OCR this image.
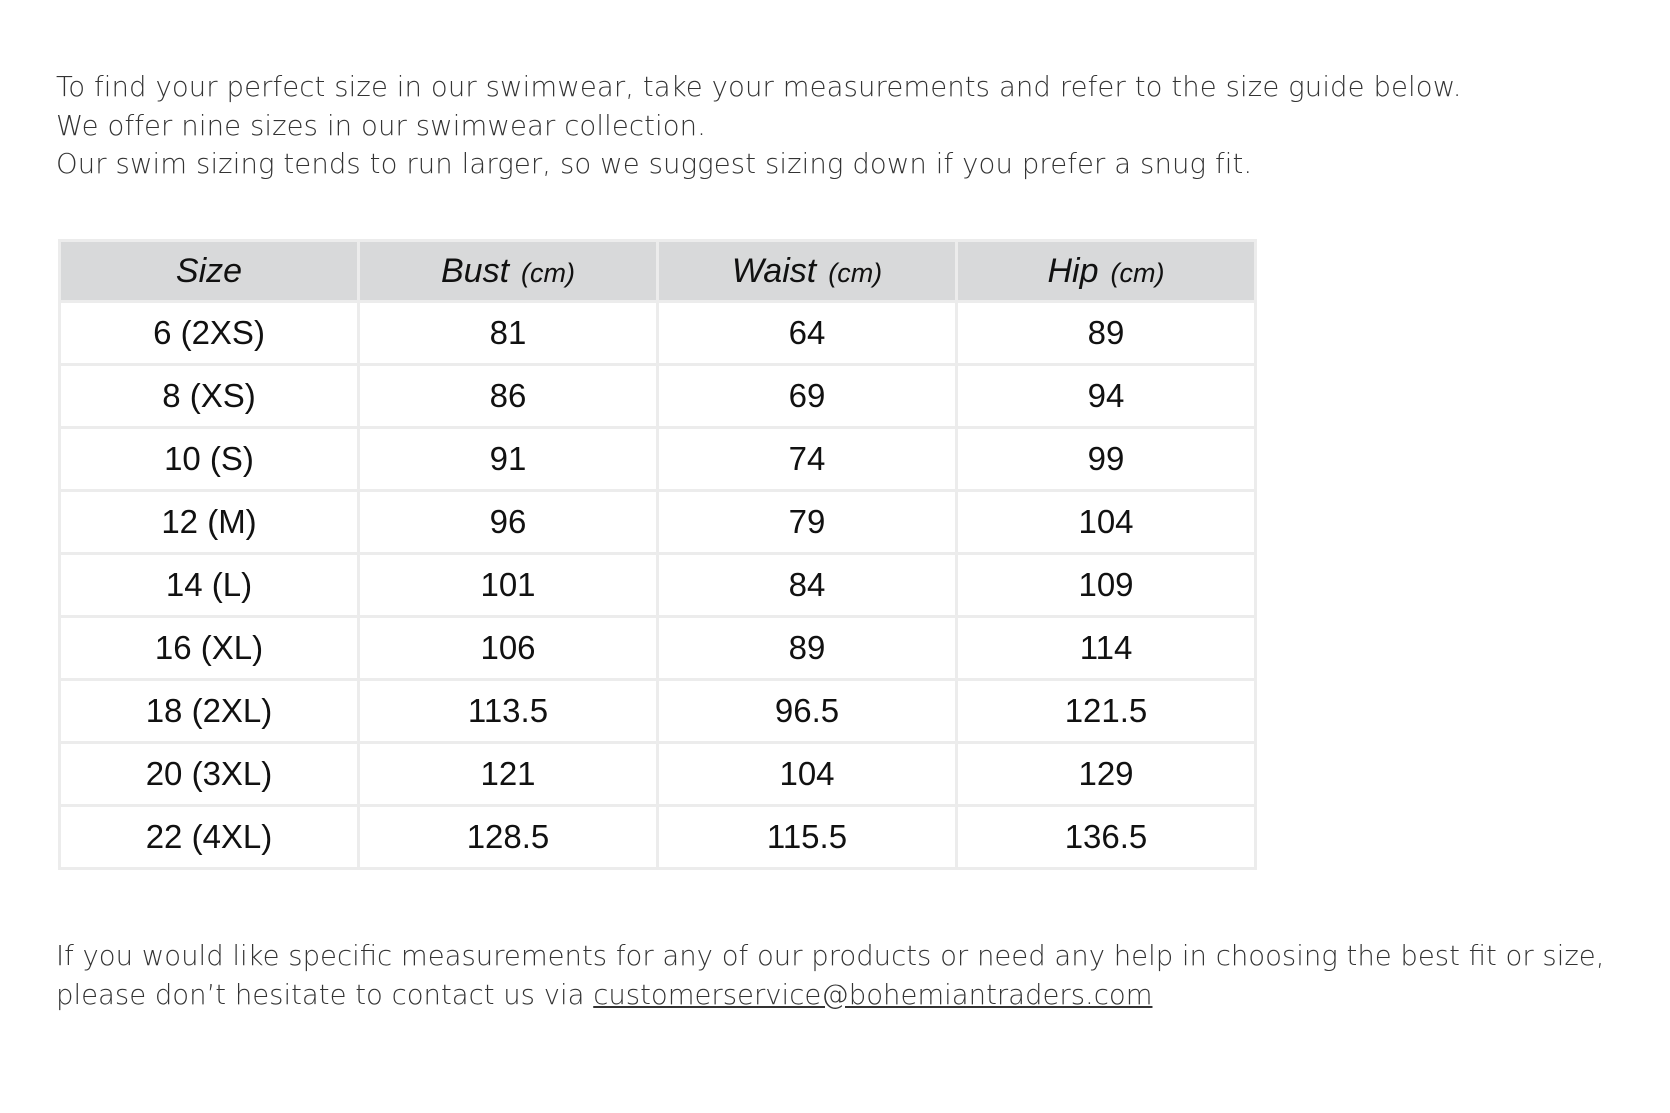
To find your perfect size in our swimwear, take your measurements and refer to the size guide below.

We offer nine sizes in our swimwear collection.

Our swim sizing tends to run larger, so we suggest sizing down if you prefer a snug fit.

Size	Bust (cm)	Waist (cm)	Hip (cm)
6 (2XS)	81	64	89
8 (XS)	86	69	94
10 (S)	91	74	99
12 (M)	96	79	104
14 (L)	101	84	109
16 (XL)	106	89	114
18 (2XL)	113.5	96.5	121.5
20 (3XL)	121	104	129
22 (4XL)	128.5	115.5	136.5

If you would like specific measurements for any of our products or need any help in choosing the best fit or size,

please don’t hesitate to contact us via customerservice@bohemiantraders.com
